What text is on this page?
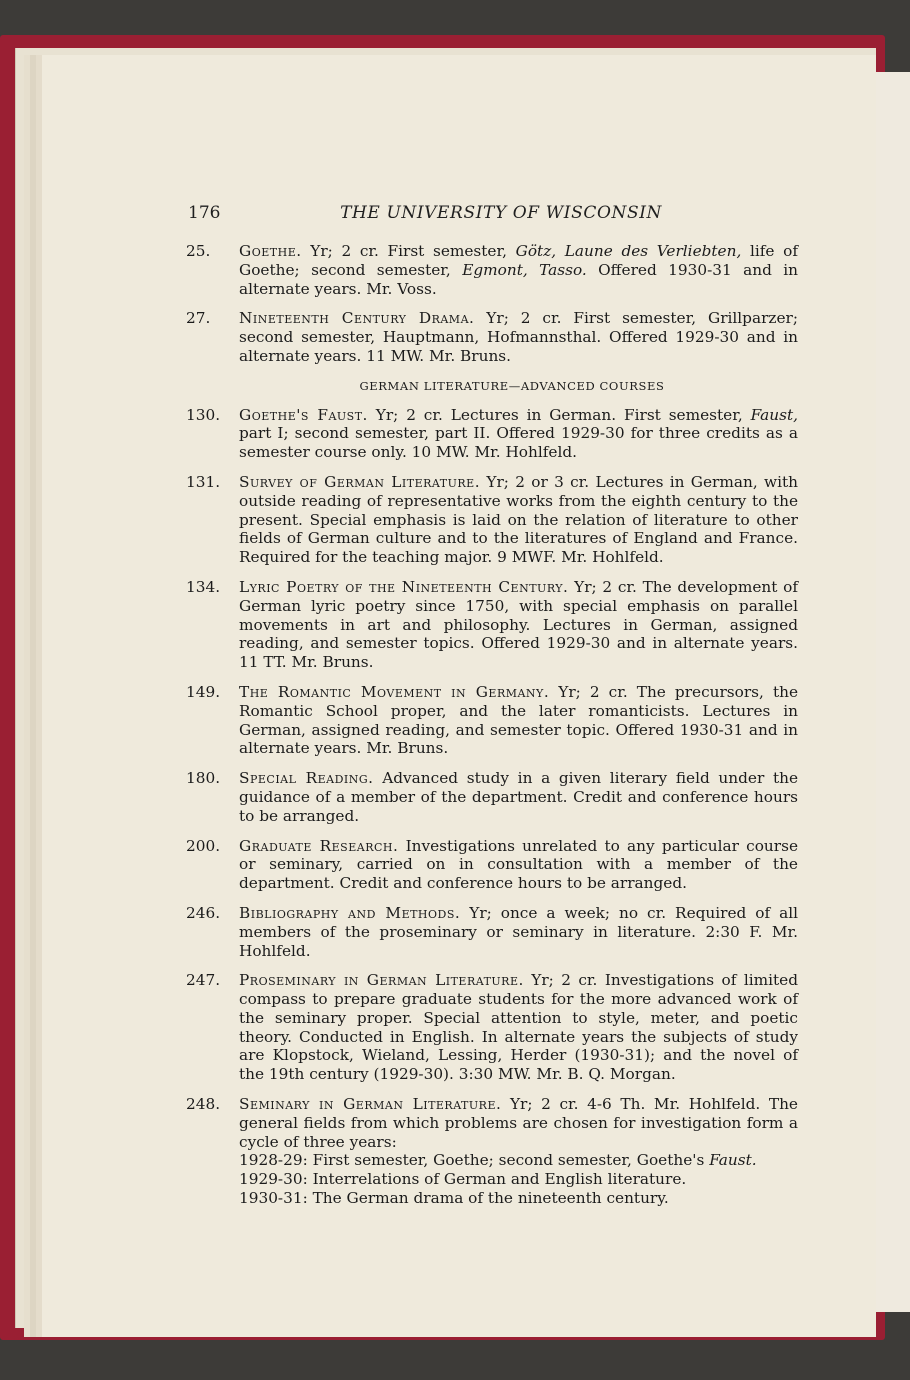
176	THE UNIVERSITY OF WISCONSIN
25. Goethe. Yr; 2 cr. First semester, Götz, Laune des Verliebten, life of Goethe; second semester, Egmont, Tasso. Offered 1930-31 and in alternate years. Mr. Voss.
27. Nineteenth Century Drama. Yr; 2 cr. First semester, Grillparzer; second semester, Hauptmann, Hofmannsthal. Offered 1929-30 and in alternate years. 11 MW. Mr. Bruns.
GERMAN LITERATURE—ADVANCED COURSES
130. Goethe's Faust. Yr; 2 cr. Lectures in German. First semester, Faust, part I; second semester, part II. Offered 1929-30 for three credits as a semester course only. 10 MW. Mr. Hohlfeld.
131. Survey of German Literature. Yr; 2 or 3 cr. Lectures in German, with outside reading of representative works from the eighth century to the present. Special emphasis is laid on the relation of literature to other fields of German culture and to the literatures of England and France. Required for the teaching major. 9 MWF. Mr. Hohlfeld.
134. Lyric Poetry of the Nineteenth Century. Yr; 2 cr. The development of German lyric poetry since 1750, with special emphasis on parallel movements in art and philosophy. Lectures in German, assigned reading, and semester topics. Offered 1929-30 and in alternate years. 11 TT. Mr. Bruns.
149. The Romantic Movement in Germany. Yr; 2 cr. The precursors, the Romantic School proper, and the later romanticists. Lectures in German, assigned reading, and semester topic. Offered 1930-31 and in alternate years. Mr. Bruns.
180. Special Reading. Advanced study in a given literary field under the guidance of a member of the department. Credit and conference hours to be arranged.
200. Graduate Research. Investigations unrelated to any particular course or seminary, carried on in consultation with a member of the department. Credit and conference hours to be arranged.
246. Bibliography and Methods. Yr; once a week; no cr. Required of all members of the proseminary or seminary in literature. 2:30 F. Mr. Hohlfeld.
247. Proseminary in German Literature. Yr; 2 cr. Investigations of limited compass to prepare graduate students for the more advanced work of the seminary proper. Special attention to style, meter, and poetic theory. Conducted in English. In alternate years the subjects of study are Klopstock, Wieland, Lessing, Herder (1930-31); and the novel of the 19th century (1929-30). 3:30 MW. Mr. B. Q. Morgan.
248. Seminary in German Literature. Yr; 2 cr. 4-6 Th. Mr. Hohlfeld. The general fields from which problems are chosen for investigation form a cycle of three years:
1928-29: First semester, Goethe; second semester, Goethe's Faust.
1929-30: Interrelations of German and English literature.
1930-31: The German drama of the nineteenth century.
